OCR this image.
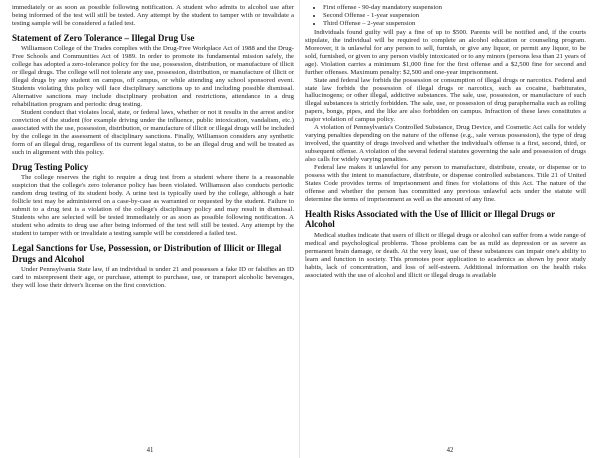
immediately or as soon as possible following notification. A student who admits to alcohol use after being informed of the test will still be tested. Any attempt by the student to tamper with or invalidate a testing sample will be considered a failed test.

Statement of Zero Tolerance – Illegal Drug Use

Williamson College of the Trades complies with the Drug-Free Workplace Act of 1988 and the Drug-Free Schools and Communities Act of 1989. In order to promote its fundamental mission safely, the college has adopted a zero-tolerance policy for the use, possession, distribution, or manufacture of illicit or illegal drugs. The college will not tolerate any use, possession, distribution, or manufacture of illicit or illegal drugs by any student on campus, off campus, or while attending any school sponsored event. Students violating this policy will face disciplinary sanctions up to and including possible dismissal. Alternative sanctions may include disciplinary probation and restrictions, attendance in a drug rehabilitation program and periodic drug testing.

Student conduct that violates local, state, or federal laws, whether or not it results in the arrest and/or conviction of the student (for example driving under the influence, public intoxication, vandalism, etc.) associated with the use, possession, distribution, or manufacture of illicit or illegal drugs will be included by the college in the assessment of disciplinary sanctions. Finally, Williamson considers any synthetic form of an illegal drug, regardless of its current legal status, to be an illegal drug and will be treated as such in alignment with this policy.

Drug Testing Policy

The college reserves the right to require a drug test from a student where there is a reasonable suspicion that the college's zero tolerance policy has been violated. Williamson also conducts periodic random drug testing of its student body. A urine test is typically used by the college, although a hair follicle test may be administered on a case-by-case as warranted or requested by the student. Failure to submit to a drug test is a violation of the college's disciplinary policy and may result in dismissal. Students who are selected will be tested immediately or as soon as possible following notification. A student who admits to drug use after being informed of the test will still be tested. Any attempt by the student to tamper with or invalidate a testing sample will be considered a failed test.

Legal Sanctions for Use, Possession, or Distribution of Illicit or Illegal Drugs and Alcohol

Under Pennsylvania State law, if an individual is under 21 and possesses a fake ID or falsifies an ID card to misrepresent their age, or purchase, attempt to purchase, use, or transport alcoholic beverages, they will lose their driver's license on the first conviction.

41
• First offense - 90-day mandatory suspension
• Second Offense - 1-year suspension
• Third Offense – 2-year suspension

Individuals found guilty will pay a fine of up to $500. Parents will be notified and, if the courts stipulate, the individual will be required to complete an alcohol education or counseling program. Moreover, it is unlawful for any person to sell, furnish, or give any liquor, or permit any liquor, to be sold, furnished, or given to any person visibly intoxicated or to any minors (persons less than 21 years of age). Violation carries a minimum $1,000 fine for the first offense and a $2,500 fine for second and further offenses. Maximum penalty: $2,500 and one-year imprisonment.

State and federal law forbids the possession or consumption of illegal drugs or narcotics. Federal and state law forbids the possession of illegal drugs or narcotics, such as cocaine, barbiturates, hallucinogens; or other illegal, addictive substances. The sale, use, possession, or manufacture of such illegal substances is strictly forbidden. The sale, use, or possession of drug paraphernalia such as rolling papers, bongs, pipes, and the like are also forbidden on campus. Infraction of these laws constitutes a major violation of campus policy.

A violation of Pennsylvania's Controlled Substance, Drug Device, and Cosmetic Act calls for widely varying penalties depending on the nature of the offense (e.g., sale versus possession), the type of drug involved, the quantity of drugs involved and whether the individual's offense is a first, second, third, or subsequent offense. A violation of the several federal statutes governing the sale and possession of drugs also calls for widely varying penalties.

Federal law makes it unlawful for any person to manufacture, distribute, create, or dispense or to possess with the intent to manufacture, distribute, or dispense controlled substances. Title 21 of United States Code provides terms of imprisonment and fines for violations of this Act. The nature of the offense and whether the person has committed any previous unlawful acts under the statute will determine the terms of imprisonment as well as the amount of any fine.

Health Risks Associated with the Use of Illicit or Illegal Drugs or Alcohol

Medical studies indicate that users of illicit or illegal drugs or alcohol can suffer from a wide range of medical and psychological problems. Those problems can be as mild as depression or as severe as permanent brain damage, or death. At the very least, use of these substances can impair one's ability to learn and function in society. This promotes poor application to academics as shown by poor study habits, lack of concentration, and loss of self-esteem. Additional information on the health risks associated with the use of alcohol and illicit or illegal drugs is available

42
